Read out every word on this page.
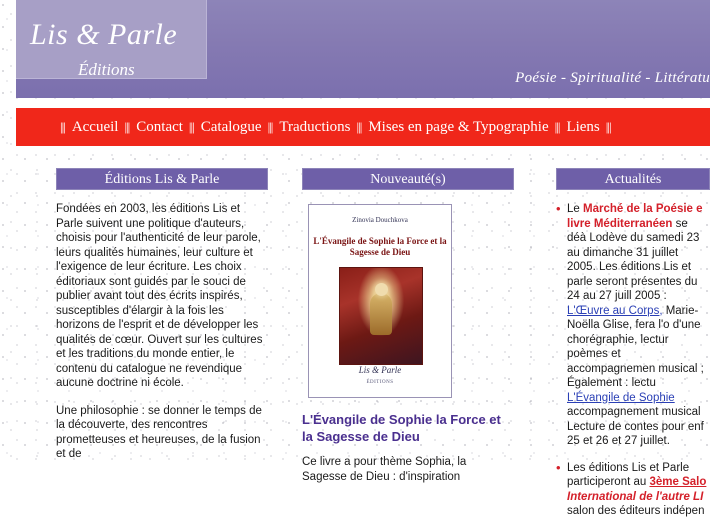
Lis & Parle
Éditions	Poésie - Spiritualité - Littératu
||| Accueil ||| Contact ||| Catalogue ||| Traductions ||| Mises en page & Typographie ||| Liens |||
Éditions Lis & Parle

Fondées en 2003, les éditions Lis et Parle suivent une politique d'auteurs, choisis pour l'authenticité de leur parole, leurs qualités humaines, leur culture et l'exigence de leur écriture. Les choix éditoriaux sont guidés par le souci de publier avant tout des écrits inspirés, susceptibles d'élargir à la fois les horizons de l'esprit et de développer les qualités de cœur. Ouvert sur les cultures et les traditions du monde entier, le contenu du catalogue ne revendique aucune doctrine ni école.

Une philosophie : se donner le temps de la découverte, des rencontres prometteuses et heureuses, de la fusion et de

Nouveauté(s)
Zinovia Douchkova
L'Évangile de Sophie la Force et la Sagesse de Dieu
Lis & Parle
ÉDITIONS
L'Évangile de Sophie la Force et la Sagesse de Dieu
Ce livre a pour thème Sophia, la Sagesse de Dieu : d'inspiration
Actualités
• Le Marché de la Poésie e livre Méditerranéen se déà Lodève du samedi 23 au dimanche 31 juillet 2005. Les éditions Lis et parle seront présentes du 24 au 27 juill 2005 : L'Œuvre au Corps, Marie-Noëlla Glise, fera l'o d'une chorégraphie, lectur poèmes et accompagnemen musical ; Également : lectu L'Évangile de Sophie accompagnement musical Lecture de contes pour enf 25 et 26 et 27 juillet.
• Les éditions Lis et Parle participeront au 3ème Salo International de l'autre LI salon des éditeurs indépen
